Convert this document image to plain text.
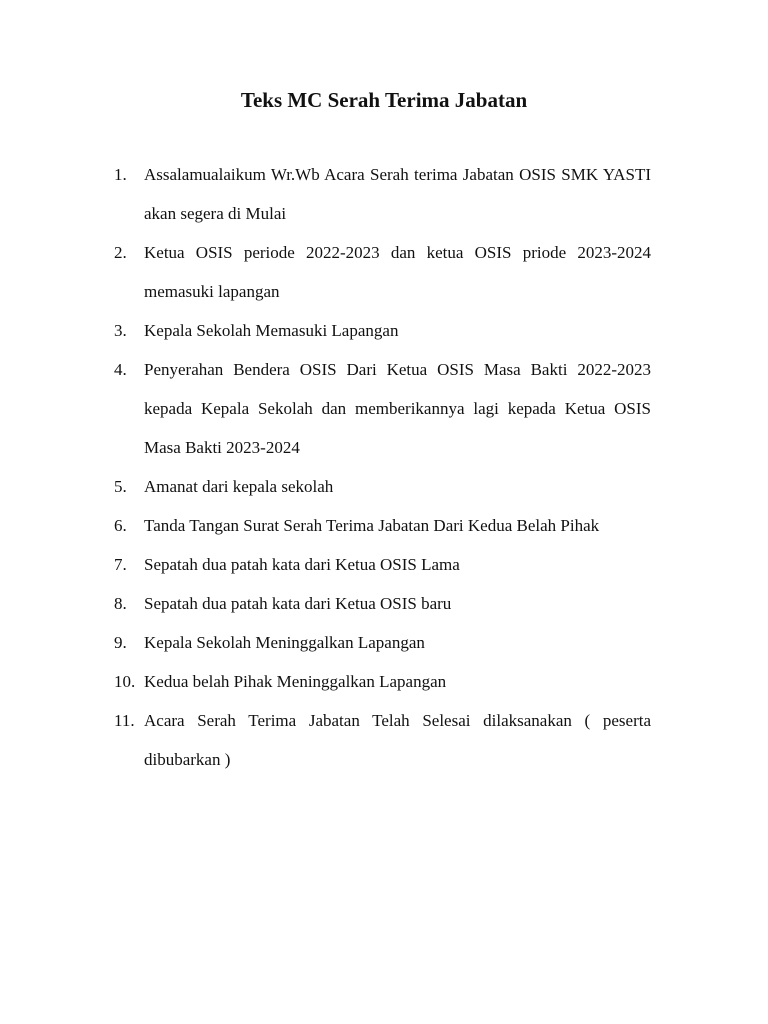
Teks MC Serah Terima Jabatan
1. Assalamualaikum Wr.Wb Acara Serah terima Jabatan OSIS SMK YASTI akan segera di Mulai
2. Ketua OSIS periode 2022-2023 dan ketua OSIS priode 2023-2024 memasuki lapangan
3. Kepala Sekolah Memasuki Lapangan
4. Penyerahan Bendera OSIS Dari Ketua OSIS Masa Bakti 2022-2023 kepada Kepala Sekolah dan memberikannya lagi kepada Ketua OSIS Masa Bakti 2023-2024
5. Amanat dari kepala sekolah
6. Tanda Tangan Surat Serah Terima Jabatan Dari Kedua Belah Pihak
7. Sepatah dua patah kata dari Ketua OSIS Lama
8. Sepatah dua patah kata dari Ketua OSIS baru
9. Kepala Sekolah Meninggalkan Lapangan
10. Kedua belah Pihak Meninggalkan Lapangan
11. Acara Serah Terima Jabatan Telah Selesai dilaksanakan ( peserta dibubarkan )
